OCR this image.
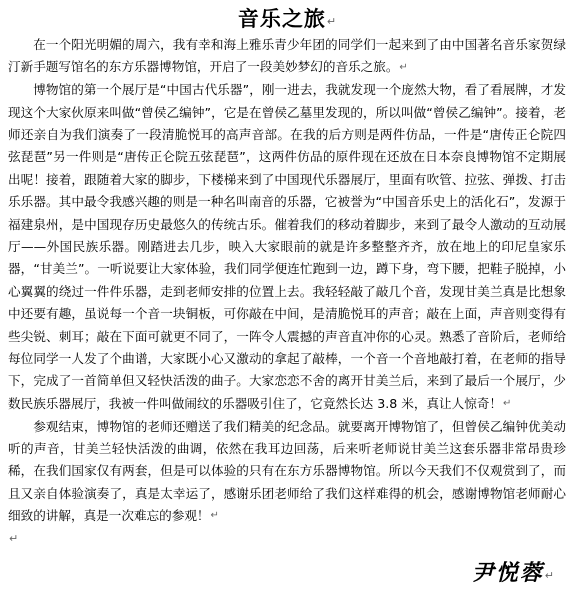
音乐之旅↵

在一个阳光明媚的周六，我有幸和海上雅乐青少年团的同学们一起来到了由中国著名音乐家贺绿汀新手题写馆名的东方乐器博物馆，开启了一段美妙梦幻的音乐之旅。↵

博物馆的第一个展厅是“中国古代乐器”，刚一进去，我就发现一个庞然大物，看了看展牌，才发现这个大家伙原来叫做“曾侯乙编钟”，它是在曾侯乙墓里发现的，所以叫做“曾侯乙编钟”。接着，老师还亲自为我们演奏了一段清脆悦耳的高声音部。在我的后方则是两件仿品，一件是“唐传正仑院四弦琵琶”另一件则是“唐传正仑院五弦琵琶”，这两件仿品的原件现在还放在日本奈良博物馆不定期展出呢！接着，跟随着大家的脚步，下楼梯来到了中国现代乐器展厅，里面有吹管、拉弦、弹拨、打击乐乐器。其中最令我感兴趣的则是一种名叫南音的乐器，它被誉为“中国音乐史上的活化石”，发源于福建泉州，是中国现存历史最悠久的传统古乐。催着我们的移动着脚步，来到了最令人激动的互动展厅——外国民族乐器。刚踏进去几步，映入大家眼前的就是许多整整齐齐，放在地上的印尼皇家乐器，“甘美兰”。一听说要让大家体验，我们同学便连忙跑到一边，蹲下身，弯下腰，把鞋子脱掉，小心翼翼的绕过一件件乐器，走到老师安排的位置上去。我轻轻敲了敲几个音，发现甘美兰真是比想象中还要有趣，虽说每一个音一块铜板，可你敲在中间，是清脆悦耳的声音；敲在上面，声音则变得有些尖锐、刺耳；敲在下面可就更不同了，一阵令人震撼的声音直冲你的心灵。熟悉了音阶后，老师给每位同学一人发了个曲谱，大家既小心又激动的拿起了敲棒，一个音一个音地敲打着，在老师的指导下，完成了一首简单但又轻快活泼的曲子。大家恋恋不舍的离开甘美兰后，来到了最后一个展厅，少数民族乐器展厅，我被一件叫做闹纹的乐器吸引住了，它竟然长达 3.8 米，真让人惊奇！↵

参观结束，博物馆的老师还赠送了我们精美的纪念品。就要离开博物馆了，但曾侯乙编钟优美动听的声音，甘美兰轻快活泼的曲调，依然在我耳边回荡，后来听老师说甘美兰这套乐器非常昂贵珍稀，在我们国家仅有两套，但是可以体验的只有在东方乐器博物馆。所以今天我们不仅观赏到了，而且又亲自体验演奏了，真是太幸运了，感谢乐团老师给了我们这样难得的机会，感谢博物馆老师耐心细致的讲解，真是一次难忘的参观！↵

↵
尹悦蓉↵
